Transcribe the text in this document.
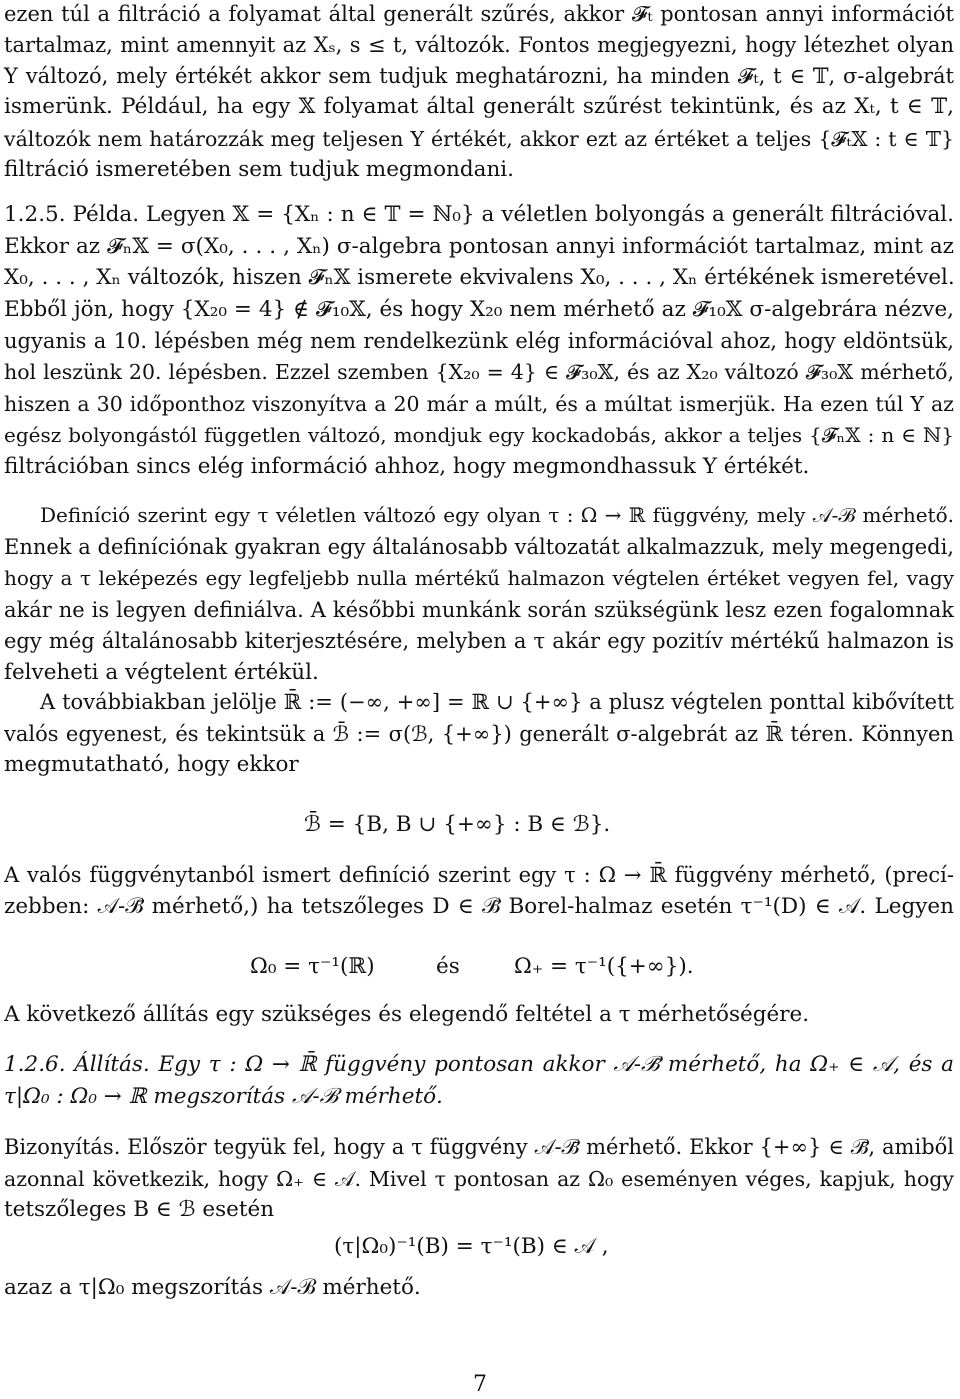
ezen túl a filtráció a folyamat által generált szűrés, akkor 𝓕ₜ pontosan annyi információt
tartalmaz, mint amennyit az Xₛ, s ≤ t, változók. Fontos megjegyezni, hogy létezhet olyan
Y változó, mely értékét akkor sem tudjuk meghatározni, ha minden 𝓕ₜ, t ∈ 𝕋, σ-algebrát
ismerünk. Például, ha egy 𝕏 folyamat által generált szűrést tekintünk, és az Xₜ, t ∈ 𝕋,
változók nem határozzák meg teljesen Y értékét, akkor ezt az értéket a teljes {𝓕ₜ𝕏 : t ∈ 𝕋}
filtráció ismeretében sem tudjuk megmondani.
1.2.5. Példa. Legyen 𝕏 = {Xₙ : n ∈ 𝕋 = ℕ₀} a véletlen bolyongás a generált filtrációval.
Ekkor az 𝓕ₙ𝕏 = σ(X₀, . . . , Xₙ) σ-algebra pontosan annyi információt tartalmaz, mint az
X₀, . . . , Xₙ változók, hiszen 𝓕ₙ𝕏 ismerete ekvivalens X₀, . . . , Xₙ értékének ismeretével.
Ebből jön, hogy {X₂₀ = 4} ∉ 𝓕₁₀𝕏, és hogy X₂₀ nem mérhető az 𝓕₁₀𝕏 σ-algebrára nézve,
ugyanis a 10. lépésben még nem rendelkezünk elég információval ahoz, hogy eldöntsük,
hol leszünk 20. lépésben. Ezzel szemben {X₂₀ = 4} ∈ 𝓕₃₀𝕏, és az X₂₀ változó 𝓕₃₀𝕏 mérhető,
hiszen a 30 időponthoz viszonyítva a 20 már a múlt, és a múltat ismerjük. Ha ezen túl Y az
egész bolyongástól független változó, mondjuk egy kockadobás, akkor a teljes {𝓕ₙ𝕏 : n ∈ ℕ}
filtrációban sincs elég információ ahhoz, hogy megmondhassuk Y értékét.
Definíció szerint egy τ véletlen változó egy olyan τ : Ω → ℝ függvény, mely 𝒜-ℬ mérhető.
Ennek a definíciónak gyakran egy általánosabb változatát alkalmazzuk, mely megengedi,
hogy a τ leképezés egy legfeljebb nulla mértékű halmazon végtelen értéket vegyen fel, vagy
akár ne is legyen definiálva. A későbbi munkánk során szükségünk lesz ezen fogalomnak
egy még általánosabb kiterjesztésére, melyben a τ akár egy pozitív mértékű halmazon is
felveheti a végtelent értékül.
A továbbiakban jelölje ℝ̄ := (−∞, +∞] = ℝ ∪ {+∞} a plusz végtelen ponttal kibővített
valós egyenest, és tekintsük a ℬ̄ := σ(ℬ, {+∞}) generált σ-algebrát az ℝ̄ téren. Könnyen
megmutatható, hogy ekkor
ℬ̄ = {B, B ∪ {+∞} : B ∈ ℬ}.
A valós függvénytanból ismert definíció szerint egy τ : Ω → ℝ̄ függvény mérhető, (precí-
zebben: 𝒜-ℬ̄ mérhető,) ha tetszőleges D ∈ ℬ̄ Borel-halmaz esetén τ⁻¹(D) ∈ 𝒜. Legyen
Ω₀ = τ⁻¹(ℝ)	és	Ω₊ = τ⁻¹({+∞}).
A következő állítás egy szükséges és elegendő feltétel a τ mérhetőségére.
1.2.6. Állítás. Egy τ : Ω → ℝ̄ függvény pontosan akkor 𝒜-ℬ̄ mérhető, ha Ω₊ ∈ 𝒜, és a
τ|Ω₀ : Ω₀ → ℝ megszorítás 𝒜-ℬ mérhető.
Bizonyítás. Először tegyük fel, hogy a τ függvény 𝒜-ℬ̄ mérhető. Ekkor {+∞} ∈ ℬ̄, amiből
azonnal következik, hogy Ω₊ ∈ 𝒜. Mivel τ pontosan az Ω₀ eseményen véges, kapjuk, hogy
tetszőleges B ∈ ℬ esetén
(τ|Ω₀)⁻¹(B) = τ⁻¹(B) ∈ 𝒜 ,
azaz a τ|Ω₀ megszorítás 𝒜-ℬ mérhető.
7
